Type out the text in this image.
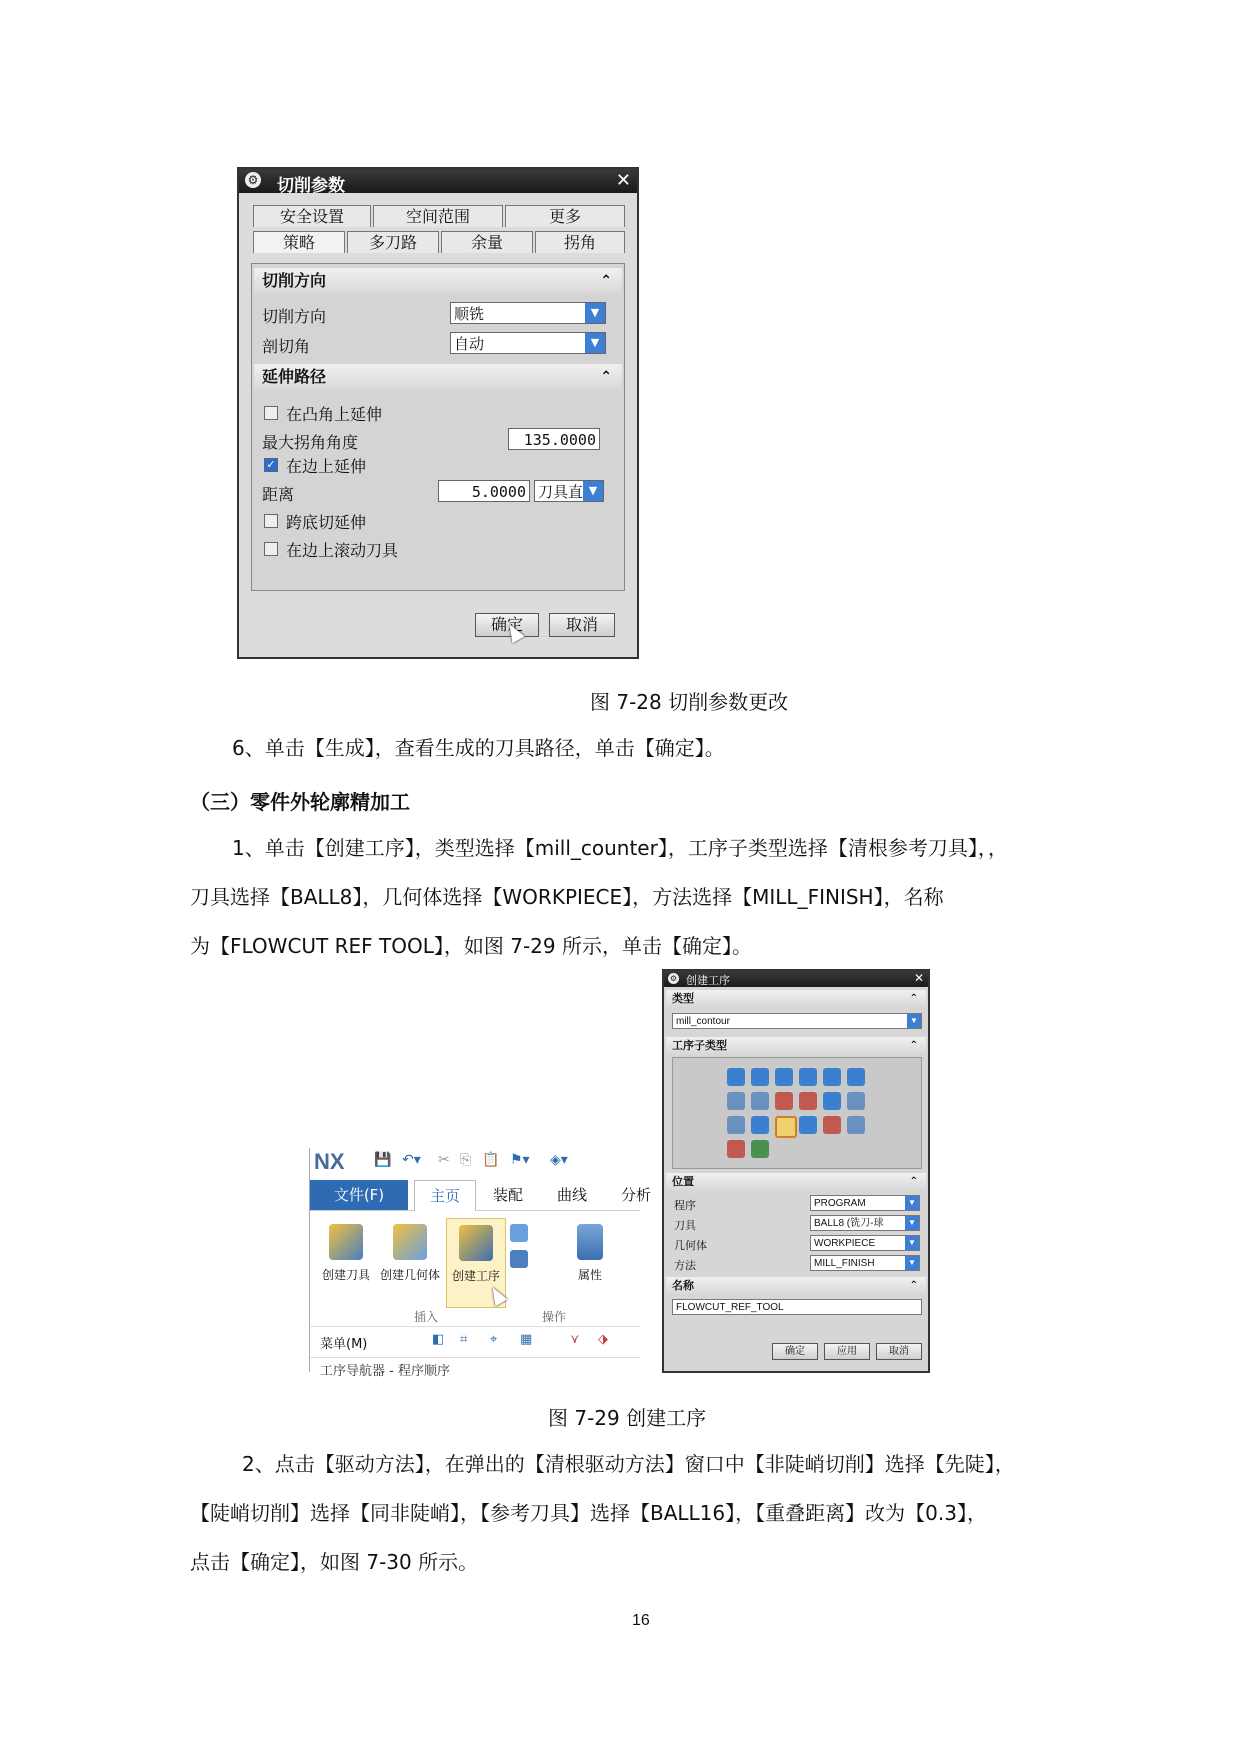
⚙ 切削参数	✕
安全设置	空间范围	更多
策略	多刀路	余量	拐角
切削方向	⌃
切削方向	顺铣	▼
剖切角	自动	▼
延伸路径	⌃
在凸角上延伸
最大拐角角度	135.0000
✓ 在边上延伸
距离	5.0000 刀具直 ▼
跨底切延伸
在边上滚动刀具
确定	取消
图 7-28 切削参数更改
6、单击【生成】，查看生成的刀具路径，单击【确定】。
（三）零件外轮廓精加工
1、单击【创建工序】，类型选择【mill_counter】，工序子类型选择【清根参考刀具】，，
刀具选择【BALL8】，几何体选择【WORKPIECE】，方法选择【MILL_FINISH】，名称
为【FLOWCUT REF TOOL】，如图 7-29 所示，单击【确定】。
NX 💾 ↶▾ ✂ ⎘ 📋 ⚑▾ ◈▾
文件(F)	主页	装配	曲线	分析
创建刀具 创建几何体 创建工序	属性
插入	操作
菜单(M)	◧ ⌗ ⌖ ▦	⋎ ⬗
工序导航器 - 程序顺序
⚙ 创建工序	✕
类型	⌃
mill_contour	▼
工序子类型	⌃
位置	⌃
程序	PROGRAM	▼
刀具	BALL8 (铣刀-球	▼
几何体	WORKPIECE	▼
方法	MILL_FINISH	▼
名称	⌃
FLOWCUT_REF_TOOL
确定	应用	取消
图 7-29 创建工序
2、点击【驱动方法】，在弹出的【清根驱动方法】窗口中【非陡峭切削】选择【先陡】，
【陡峭切削】选择【同非陡峭】，【参考刀具】选择【BALL16】，【重叠距离】改为【0.3】，
点击【确定】，如图 7-30 所示。
16
